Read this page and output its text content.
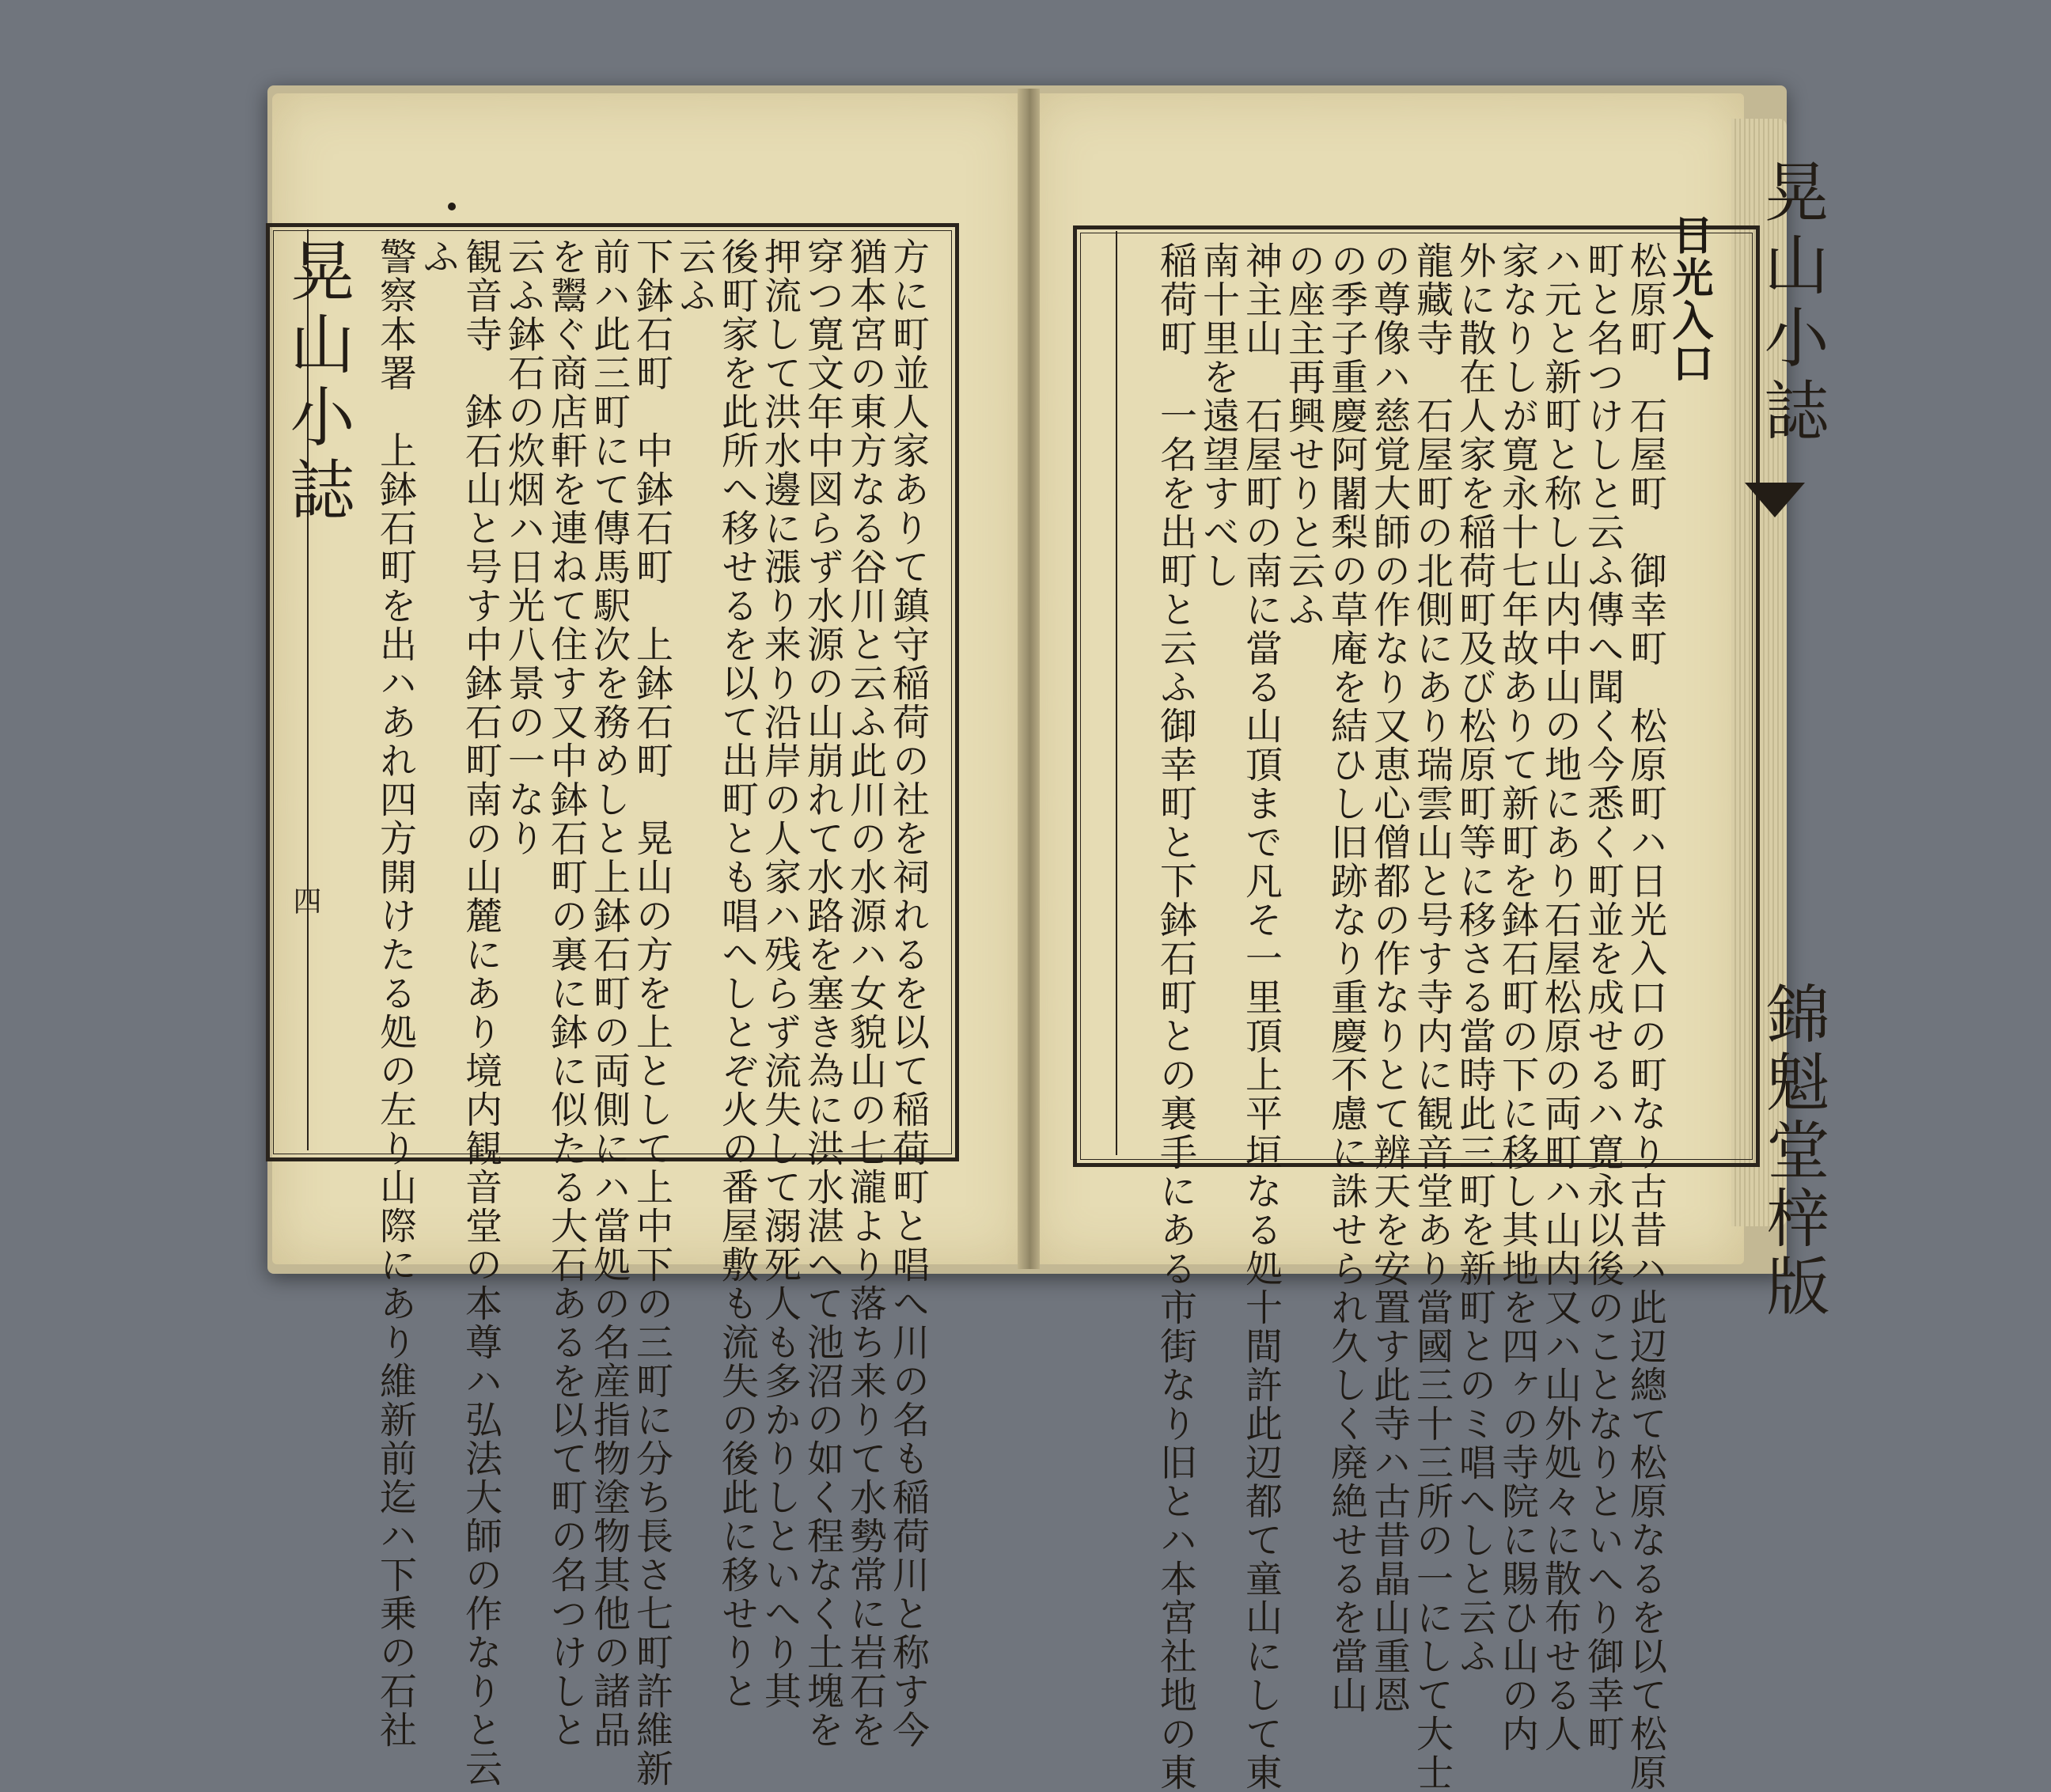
晃山小誌
錦魁堂梓版
日光入口
松原町　石屋町　御幸町　松原町ハ日光入口の町なり古昔ハ此辺總て松原なるを以て松原
町と名つけしと云ふ傳へ聞く今悉く町並を成せるハ寛永以後のことなりといへり御幸町
ハ元と新町と称し山内中山の地にあり石屋松原の両町ハ山内又ハ山外処々に散布せる人
家なりしが寛永十七年故ありて新町を鉢石町の下に移し其地を四ヶの寺院に賜ひ山の内
外に散在人家を稲荷町及び松原町等に移さる當時此三町を新町とのミ唱へしと云ふ
龍藏寺　石屋町の北側にあり瑞雲山と号す寺内に観音堂あり當國三十三所の一にして大士
の尊像ハ慈覚大師の作なり又恵心僧都の作なりとて辨天を安置す此寺ハ古昔晶山重恩
の季子重慶阿闍梨の草庵を結ひし旧跡なり重慶不慮に誅せられ久しく廃絶せるを當山
の座主再興せりと云ふ
神主山　石屋町の南に當る山頂まで凡そ一里頂上平垣なる処十間許此辺都て童山にして東
南十里を遠望すべし
稲荷町　一名を出町と云ふ御幸町と下鉢石町との裏手にある市街なり旧とハ本宮社地の東
晃山小誌
四	方に町並人家ありて鎮守稲荷の社を祠れるを以て稲荷町と唱へ川の名も稲荷川と称す今
猶本宮の東方なる谷川と云ふ此川の水源ハ女貌山の七瀧より落ち来りて水勢常に岩石を
穿つ寛文年中図らず水源の山崩れて水路を塞き為に洪水湛へて池沼の如く程なく土塊を
押流して洪水邊に漲り来り沿岸の人家ハ残らず流失して溺死人も多かりしといへり其
後町家を此所へ移せるを以て出町とも唱へしとぞ火の番屋敷も流失の後此に移せりと
云ふ
下鉢石町　中鉢石町　上鉢石町　晃山の方を上として上中下の三町に分ち長さ七町許維新
前ハ此三町にて傳馬駅次を務めしと上鉢石町の両側にハ當処の名産指物塗物其他の諸品
を鬻ぐ商店軒を連ねて住す又中鉢石町の裏に鉢に似たる大石あるを以て町の名つけしと
云ふ鉢石の炊烟ハ日光八景の一なり
観音寺　鉢石山と号す中鉢石町南の山麓にあり境内観音堂の本尊ハ弘法大師の作なりと云
ふ
警察本署　上鉢石町を出ハあれ四方開けたる処の左り山際にあり維新前迄ハ下乗の石社
